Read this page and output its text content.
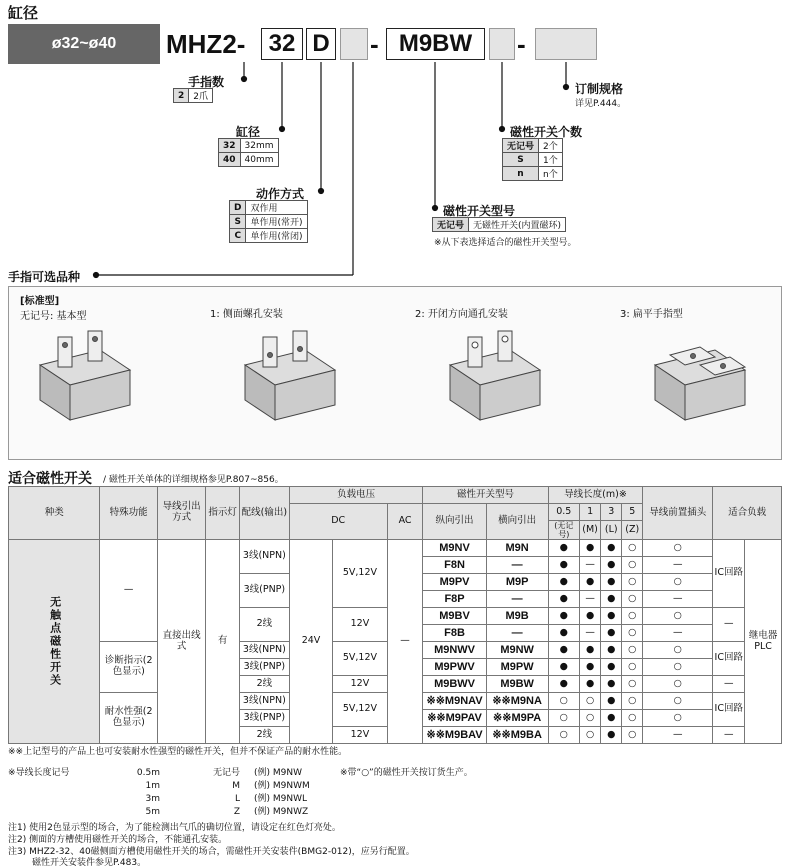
缸径
ø32~ø40	MHZ2- 32 D - M9BW	-
手指数
2	2爪
缸径
32	32mm
40	40mm
动作方式
D	双作用
S	单作用(常开)
C	单作用(常闭)
手指可选品种
订制规格
详见P.444。
磁性开关个数
无记号	2个
S	1个
n	n个
磁性开关型号
无记号	无磁性开关(内置磁环)
※从下表选择适合的磁性开关型号。
[标准型]
无记号: 基本型	1: 侧面螺孔安装	2: 开闭方向通孔安装	3: 扁平手指型
适合磁性开关 / 磁性开关单体的详细规格参见P.807~856。
种类	特殊功能	导线引出方式	指示灯	配线(输出)	负载电压			磁性开关型号		导线长度(m)※				导线前置插头	适合负载	
					DC		AC	纵向引出	横向引出	0.5	1	3	5			
										(无记号)	(M)	(L)	(Z)			
无触点磁性开关	—	直接出线式	有	3线(NPN)	24V	5V,12V	—	M9NV	M9N	●	●	●	○	○	IC回路	继电器PLC
								F8N	—	●	—	●	○	—		
				3线(PNP)				M9PV	M9P	●	●	●	○	○		
								F8P	—	●	—	●	○	—		
				2线		12V		M9BV	M9B	●	●	●	○	○	—	
								F8B	—	●	—	●	○	—		
	诊断指示(2色显示)			3线(NPN)		5V,12V		M9NWV	M9NW	●	●	●	○	○	IC回路	
				3线(PNP)				M9PWV	M9PW	●	●	●	○	○		
				2线		12V		M9BWV	M9BW	●	●	●	○	○	—	
	耐水性强(2色显示)			3线(NPN)		5V,12V		※※M9NAV	※※M9NA	○	○	●	○	○	IC回路	
				3线(PNP)				※※M9PAV	※※M9PA	○	○	●	○	○		
				2线		12V		※※M9BAV	※※M9BA	○	○	●	○	—	—	
※※上记型号的产品上也可安装耐水性强型的磁性开关，但并不保证产品的耐水性能。
※导线长度记号	※带“○”的磁性开关按订货生产。
0.5m	无记号 (例) M9NW
1m	M (例) M9NWM
3m	L (例) M9NWL
5m	Z (例) M9NWZ
注1) 使用2色显示型的场合，为了能检测出气爪的确切位置，请设定在红色灯亮处。
注2) 侧面的方槽使用磁性开关的场合，不能通孔安装。
注3) MHZ2-32、40磁侧面方槽使用磁性开关的场合，需磁性开关安装件(BMG2-012)，应另行配置。
磁性开关安装件参见P.483。
